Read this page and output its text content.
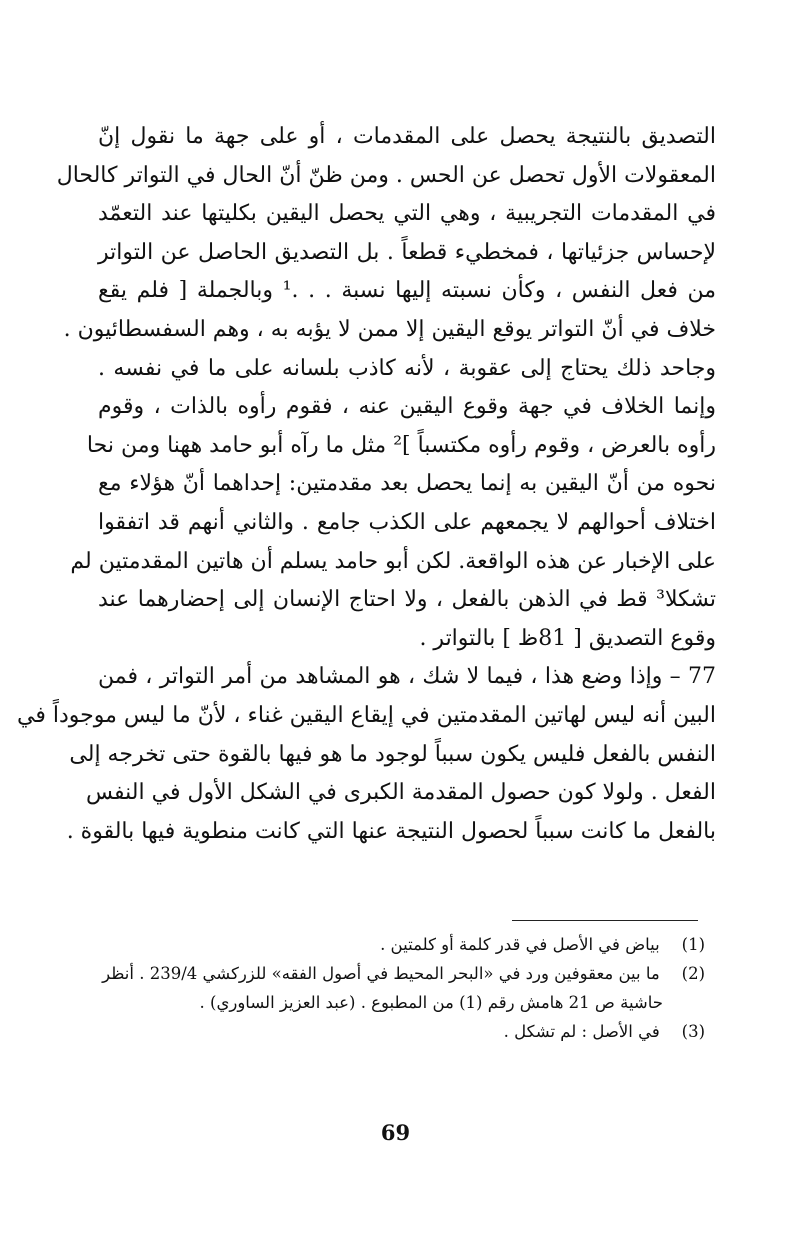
التصديق بالنتيجة يحصل على المقدمات ، أو على جهة ما نقول إنّ
المعقولات الأول تحصل عن الحس . ومن ظنّ أنّ الحال في التواتر كالحال
في المقدمات التجريبية ، وهي التي يحصل اليقين بكليتها عند التعمّد
لإحساس جزئياتها ، فمخطيء قطعاً . بل التصديق الحاصل عن التواتر
من فعل النفس ، وكأن نسبته إليها نسبة . . .¹ وبالجملة [ فلم يقع
خلاف في أنّ التواتر يوقع اليقين إلا ممن لا يؤبه به ، وهم السفسطائيون .
وجاحد ذلك يحتاج إلى عقوبة ، لأنه كاذب بلسانه على ما في نفسه .
وإنما الخلاف في جهة وقوع اليقين عنه ، فقوم رأوه بالذات ، وقوم
رأوه بالعرض ، وقوم رأوه مكتسباً ]² مثل ما رآه أبو حامد ههنا ومن نحا
نحوه من أنّ اليقين به إنما يحصل بعد مقدمتين: إحداهما أنّ هؤلاء مع
اختلاف أحوالهم لا يجمعهم على الكذب جامع . والثاني أنهم قد اتفقوا
على الإخبار عن هذه الواقعة. لكن أبو حامد يسلم أن هاتين المقدمتين لم
تشكلا³ قط في الذهن بالفعل ، ولا احتاج الإنسان إلى إحضارهما عند
وقوع التصديق [ 81ظ ] بالتواتر .
77 – وإذا وضع هذا ، فيما لا شك ، هو المشاهد من أمر التواتر ، فمن
البين أنه ليس لهاتين المقدمتين في إيقاع اليقين غناء ، لأنّ ما ليس موجوداً في
النفس بالفعل فليس يكون سبباً لوجود ما هو فيها بالقوة حتى تخرجه إلى
الفعل . ولولا كون حصول المقدمة الكبرى في الشكل الأول في النفس
بالفعل ما كانت سبباً لحصول النتيجة عنها التي كانت منطوية فيها بالقوة .
(1) بياض في الأصل في قدر كلمة أو كلمتين .
(2) ما بين معقوفين ورد في «البحر المحيط في أصول الفقه» للزركشي 239/4 . أنظر
حاشية ص 21 هامش رقم (1) من المطبوع . (عبد العزيز الساوري) .
(3) في الأصل : لم تشكل .
69
